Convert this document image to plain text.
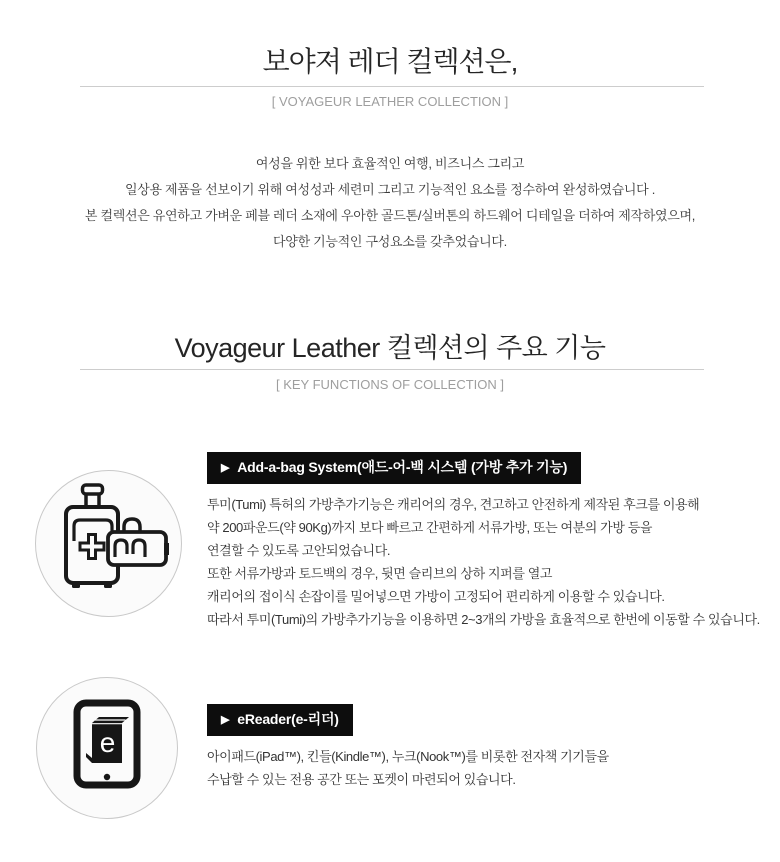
보야져 레더 컬렉션은,
[ VOYAGEUR LEATHER COLLECTION ]
여성을 위한 보다 효율적인 여행, 비즈니스 그리고
일상용 제품을 선보이기 위해 여성성과 세련미 그리고 기능적인 요소를 정수하여 완성하였습니다 .
본 컬렉션은 유연하고 가벼운 페블 레더 소재에 우아한 골드톤/실버톤의 하드웨어 디테일을 더하여 제작하였으며,
다양한 기능적인 구성요소를 갖추었습니다.
Voyageur Leather 컬렉션의 주요 기능
[ KEY FUNCTIONS OF COLLECTION ]
▶ Add-a-bag System(애드-어-백 시스템 (가방 추가 기능)
투미(Tumi) 특허의 가방추가기능은 캐리어의 경우, 견고하고 안전하게 제작된 후크를 이용해
약 200파운드(약 90Kg)까지 보다 빠르고 간편하게 서류가방, 또는 여분의 가방 등을
연결할 수 있도록 고안되었습니다.
또한 서류가방과 토드백의 경우, 뒷면 슬리브의 상하 지퍼를 열고
캐리어의 접이식 손잡이를 밀어넣으면 가방이 고정되어 편리하게 이용할 수 있습니다.
따라서 투미(Tumi)의 가방추가기능을 이용하면 2~3개의 가방을 효율적으로 한번에 이동할 수 있습니다.
e
▶ eReader(e-리더)
아이패드(iPad™), 킨들(Kindle™), 누크(Nook™)를 비롯한 전자책 기기들을
수납할 수 있는 전용 공간 또는 포켓이 마련되어 있습니다.
